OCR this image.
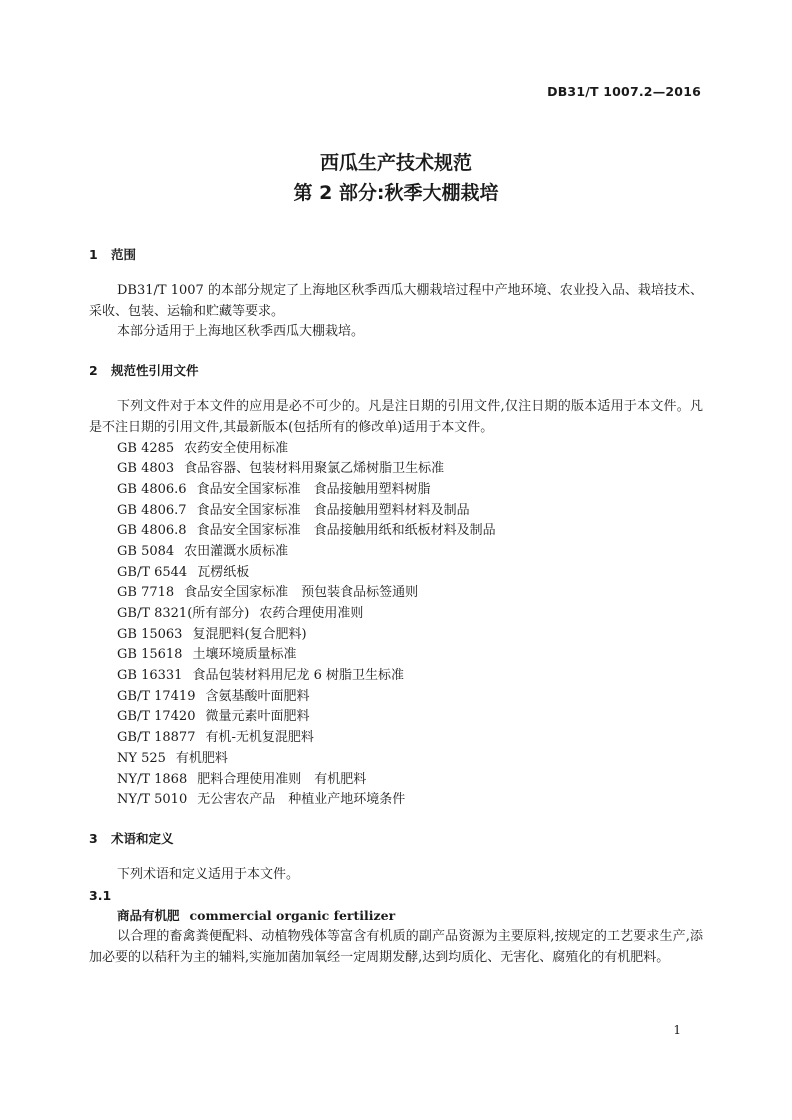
DB31/T 1007.2—2016
西瓜生产技术规范
第 2 部分:秋季大棚栽培
1 范围

DB31/T 1007 的本部分规定了上海地区秋季西瓜大棚栽培过程中产地环境、农业投入品、栽培技术、采收、包装、运输和贮藏等要求。

本部分适用于上海地区秋季西瓜大棚栽培。

2 规范性引用文件

下列文件对于本文件的应用是必不可少的。凡是注日期的引用文件,仅注日期的版本适用于本文件。凡是不注日期的引用文件,其最新版本(包括所有的修改单)适用于本文件。

GB 4285 农药安全使用标准
GB 4803 食品容器、包装材料用聚氯乙烯树脂卫生标准
GB 4806.6 食品安全国家标准　食品接触用塑料树脂
GB 4806.7 食品安全国家标准　食品接触用塑料材料及制品
GB 4806.8 食品安全国家标准　食品接触用纸和纸板材料及制品
GB 5084 农田灌溉水质标准
GB/T 6544 瓦楞纸板
GB 7718 食品安全国家标准　预包装食品标签通则
GB/T 8321(所有部分) 农药合理使用准则
GB 15063 复混肥料(复合肥料)
GB 15618 土壤环境质量标准
GB 16331 食品包装材料用尼龙 6 树脂卫生标准
GB/T 17419 含氨基酸叶面肥料
GB/T 17420 微量元素叶面肥料
GB/T 18877 有机-无机复混肥料
NY 525 有机肥料
NY/T 1868 肥料合理使用准则　有机肥料
NY/T 5010 无公害农产品　种植业产地环境条件
3 术语和定义

下列术语和定义适用于本文件。

3.1
商品有机肥 commercial organic fertilizer

以合理的畜禽粪便配料、动植物残体等富含有机质的副产品资源为主要原料,按规定的工艺要求生产,添加必要的以秸秆为主的辅料,实施加菌加氧经一定周期发酵,达到均质化、无害化、腐殖化的有机肥料。

1
